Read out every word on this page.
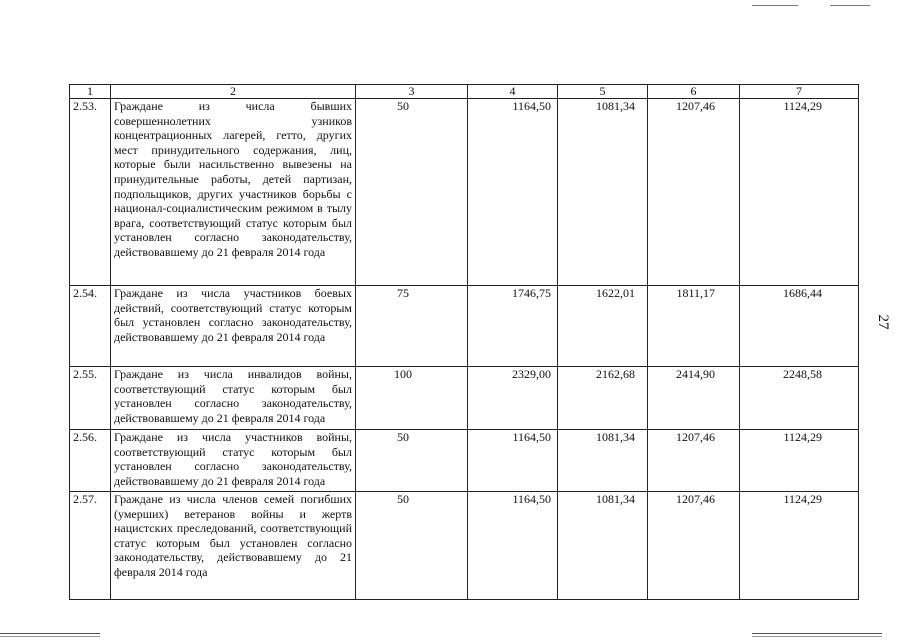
27
1	2	3	4	5	6	7
2.53.	Граждане из числа бывших совершеннолетних узников концентрационных лагерей, гетто, других мест принудительного содержания, лиц, которые были насильственно вывезены на принудительные работы, детей партизан, подпольщиков, других участников борьбы с национал-социалистическим режимом в тылу врага, соответствующий статус которым был установлен согласно законодательству, действовавшему до 21 февраля 2014 года	50	1164,50	1081,34	1207,46	1124,29
2.54.	Граждане из числа участников боевых действий, соответствующий статус которым был установлен согласно законодательству, действовавшему до 21 февраля 2014 года	75	1746,75	1622,01	1811,17	1686,44
2.55.	Граждане из числа инвалидов войны, соответствующий статус которым был установлен согласно законодательству, действовавшему до 21 февраля 2014 года	100	2329,00	2162,68	2414,90	2248,58
2.56.	Граждане из числа участников войны, соответствующий статус которым был установлен согласно законодательству, действовавшему до 21 февраля 2014 года	50	1164,50	1081,34	1207,46	1124,29
2.57.	Граждане из числа членов семей погибших (умерших) ветеранов войны и жертв нацистских преследований, соответствующий статус которым был установлен согласно законодательству, действовавшему до 21 февраля 2014 года	50	1164,50	1081,34	1207,46	1124,29
